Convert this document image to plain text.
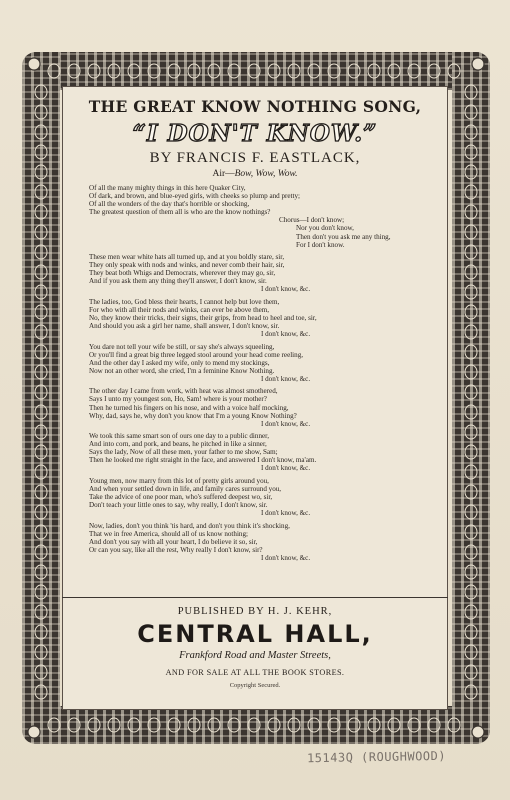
THE GREAT KNOW NOTHING SONG,
“I DON'T KNOW.”
BY FRANCIS F. EASTLACK,
Air—Bow, Wow, Wow.
Of all the many mighty things in this here Quaker City,
Of dark, and brown, and blue-eyed girls, with cheeks so plump and pretty;
Of all the wonders of the day that's horrible or shocking,
The greatest question of them all is who are the know nothings?
Chorus—I don't know;
Nor you don't know,
Then don't you ask me any thing,
For I don't know.
These men wear white hats all turned up, and at you boldly stare, sir,
They only speak with nods and winks, and never comb their hair, sir,
They beat both Whigs and Democrats, wherever they may go, sir,
And if you ask them any thing they'll answer, I don't know, sir.
I don't know, &c.
The ladies, too, God bless their hearts, I cannot help but love them,
For who with all their nods and winks, can ever be above them,
No, they know their tricks, their signs, their grips, from head to heel and toe, sir,
And should you ask a girl her name, shall answer, I don't know, sir.
I don't know, &c.
You dare not tell your wife be still, or say she's always squeeling,
Or you'll find a great big three legged stool around your head come reeling,
And the other day I asked my wife, only to mend my stockings,
Now not an other word, she cried, I'm a feminine Know Nothing.
I don't know, &c.
The other day I came from work, with heat was almost smothered,
Says I unto my youngest son, Ho, Sam! where is your mother?
Then he turned his fingers on his nose, and with a voice half mocking,
Why, dad, says he, why don't you know that I'm a young Know Nothing?
I don't know, &c.
We took this same smart son of ours one day to a public dinner,
And into corn, and pork, and beans, he pitched in like a sinner,
Says the lady, Now of all these men, your father to me show, Sam;
Then he looked me right straight in the face, and answered I don't know, ma'am.
I don't know, &c.
Young men, now marry from this lot of pretty girls around you,
And when your settled down in life, and family cares surround you,
Take the advice of one poor man, who's suffered deepest wo, sir,
Don't teach your little ones to say, why really, I don't know, sir.
I don't know, &c.
Now, ladies, don't you think 'tis hard, and don't you think it's shocking,
That we in free America, should all of us know nothing;
And don't you say with all your heart, I do believe it so, sir,
Or can you say, like all the rest, Why really I don't know, sir?
I don't know, &c.
PUBLISHED BY H. J. KEHR,
CENTRAL HALL,
Frankford Road and Master Streets,
AND FOR SALE AT ALL THE BOOK STORES.
Copyright Secured.
15143Q (ROUGHWOOD)
